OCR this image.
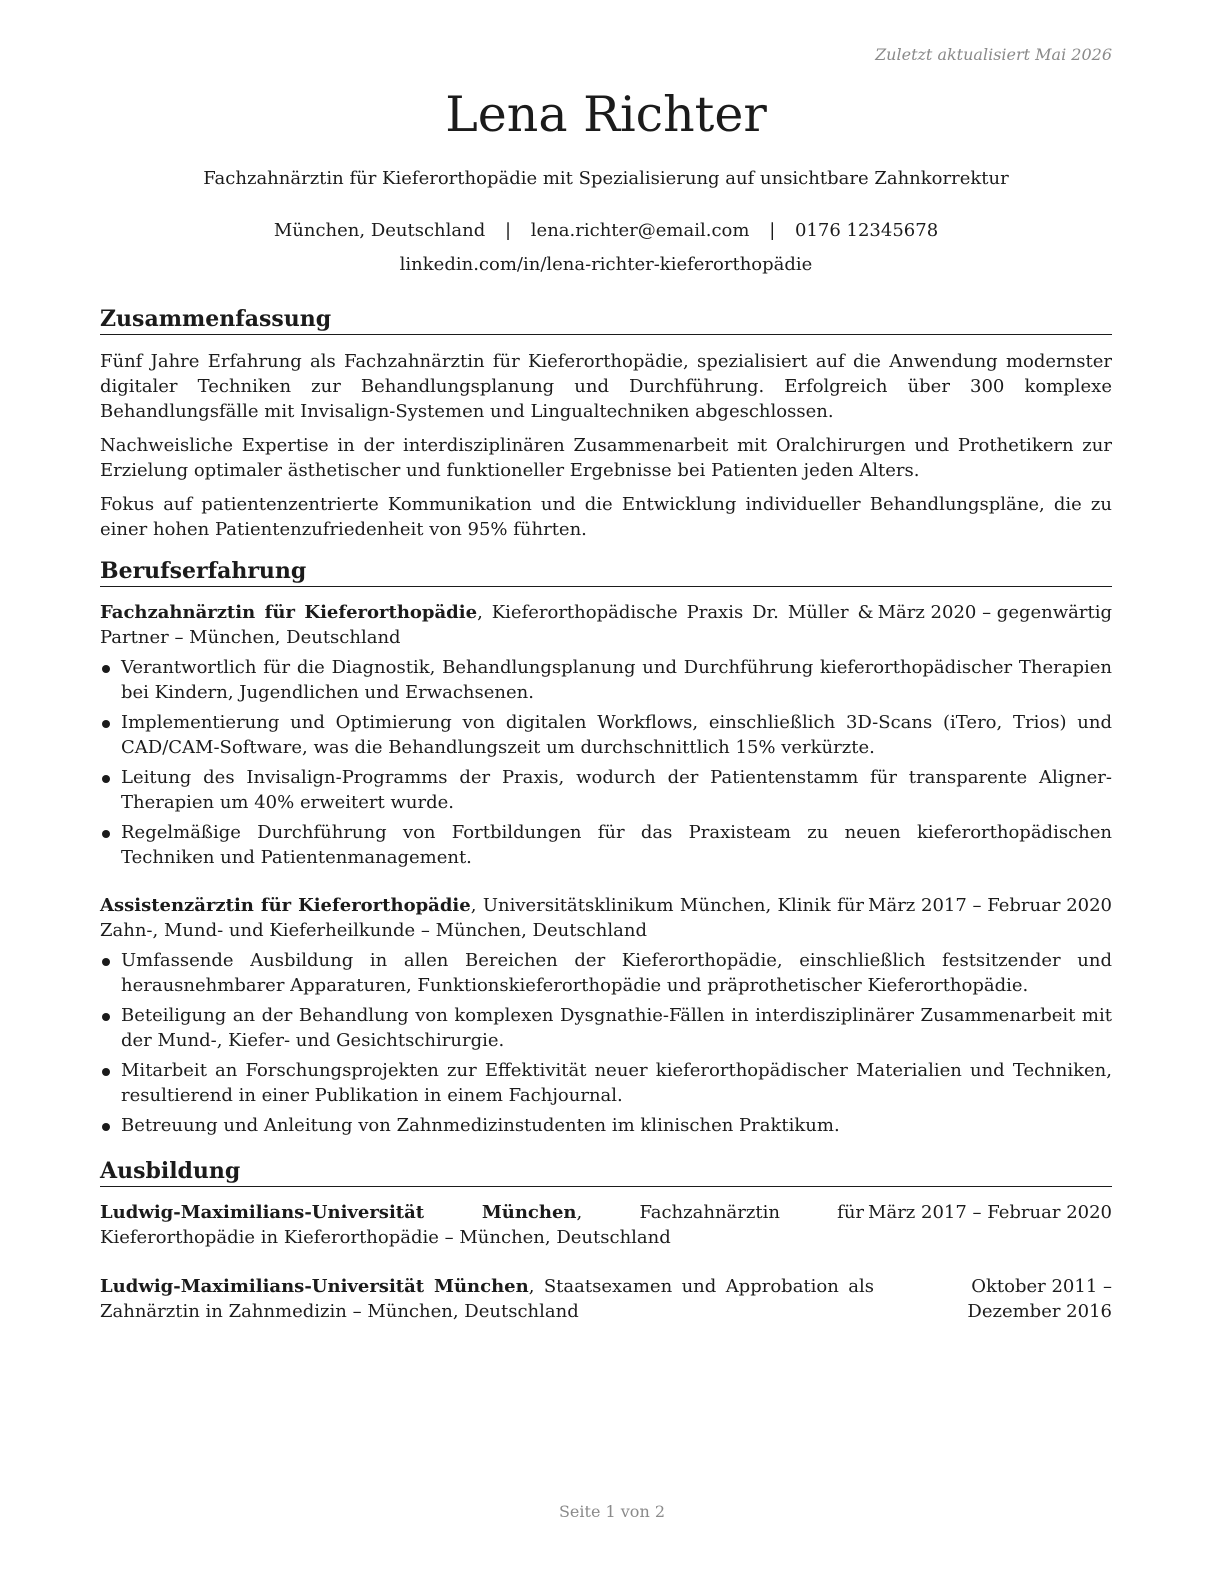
Zuletzt aktualisiert Mai 2026
Lena Richter
Fachzahnärztin für Kieferorthopädie mit Spezialisierung auf unsichtbare Zahnkorrektur
München, Deutschland | lena.richter@email.com | 0176 12345678
linkedin.com/in/lena-richter-kieferorthopädie
Zusammenfassung

Fünf Jahre Erfahrung als Fachzahnärztin für Kieferorthopädie, spezialisiert auf die Anwendung modernster digitaler Techniken zur Behandlungsplanung und Durchführung. Erfolgreich über 300 komplexe Behandlungsfälle mit Invisalign-Systemen und Lingualtechniken abgeschlossen.

Nachweisliche Expertise in der interdisziplinären Zusammenarbeit mit Oralchirurgen und Prothetikern zur Erzielung optimaler ästhetischer und funktioneller Ergebnisse bei Patienten jeden Alters.

Fokus auf patientenzentrierte Kommunikation und die Entwicklung individueller Behandlungspläne, die zu einer hohen Patientenzufriedenheit von 95% führten.

Berufserfahrung
Fachzahnärztin für Kieferorthopädie, Kieferorthopädische Praxis Dr. Müller & Partner – München, Deutschland
März 2020 – gegenwärtig
Verantwortlich für die Diagnostik, Behandlungsplanung und Durchführung kieferorthopädischer Therapien bei Kindern, Jugendlichen und Erwachsenen.
Implementierung und Optimierung von digitalen Workflows, einschließlich 3D-Scans (iTero, Trios) und CAD/CAM-Software, was die Behandlungszeit um durchschnittlich 15% verkürzte.
Leitung des Invisalign-Programms der Praxis, wodurch der Patientenstamm für transparente Aligner-Therapien um 40% erweitert wurde.
Regelmäßige Durchführung von Fortbildungen für das Praxisteam zu neuen kieferorthopädischen Techniken und Patientenmanagement.
Assistenzärztin für Kieferorthopädie, Universitätsklinikum München, Klinik für Zahn-, Mund- und Kieferheilkunde – München, Deutschland
März 2017 – Februar 2020
Umfassende Ausbildung in allen Bereichen der Kieferorthopädie, einschließlich festsitzender und herausnehmbarer Apparaturen, Funktionskieferorthopädie und präprothetischer Kieferorthopädie.
Beteiligung an der Behandlung von komplexen Dysgnathie-Fällen in interdisziplinärer Zusammenarbeit mit der Mund-, Kiefer- und Gesichtschirurgie.
Mitarbeit an Forschungsprojekten zur Effektivität neuer kieferorthopädischer Materialien und Techniken, resultierend in einer Publikation in einem Fachjournal.
Betreuung und Anleitung von Zahnmedizinstudenten im klinischen Praktikum.
Ausbildung
Ludwig-Maximilians-Universität München, Fachzahnärztin für Kieferorthopädie in Kieferorthopädie – München, Deutschland
März 2017 – Februar 2020
Ludwig-Maximilians-Universität München, Staatsexamen und Approbation als Zahnärztin in Zahnmedizin – München, Deutschland
Oktober 2011 – Dezember 2016
Seite 1 von 2
